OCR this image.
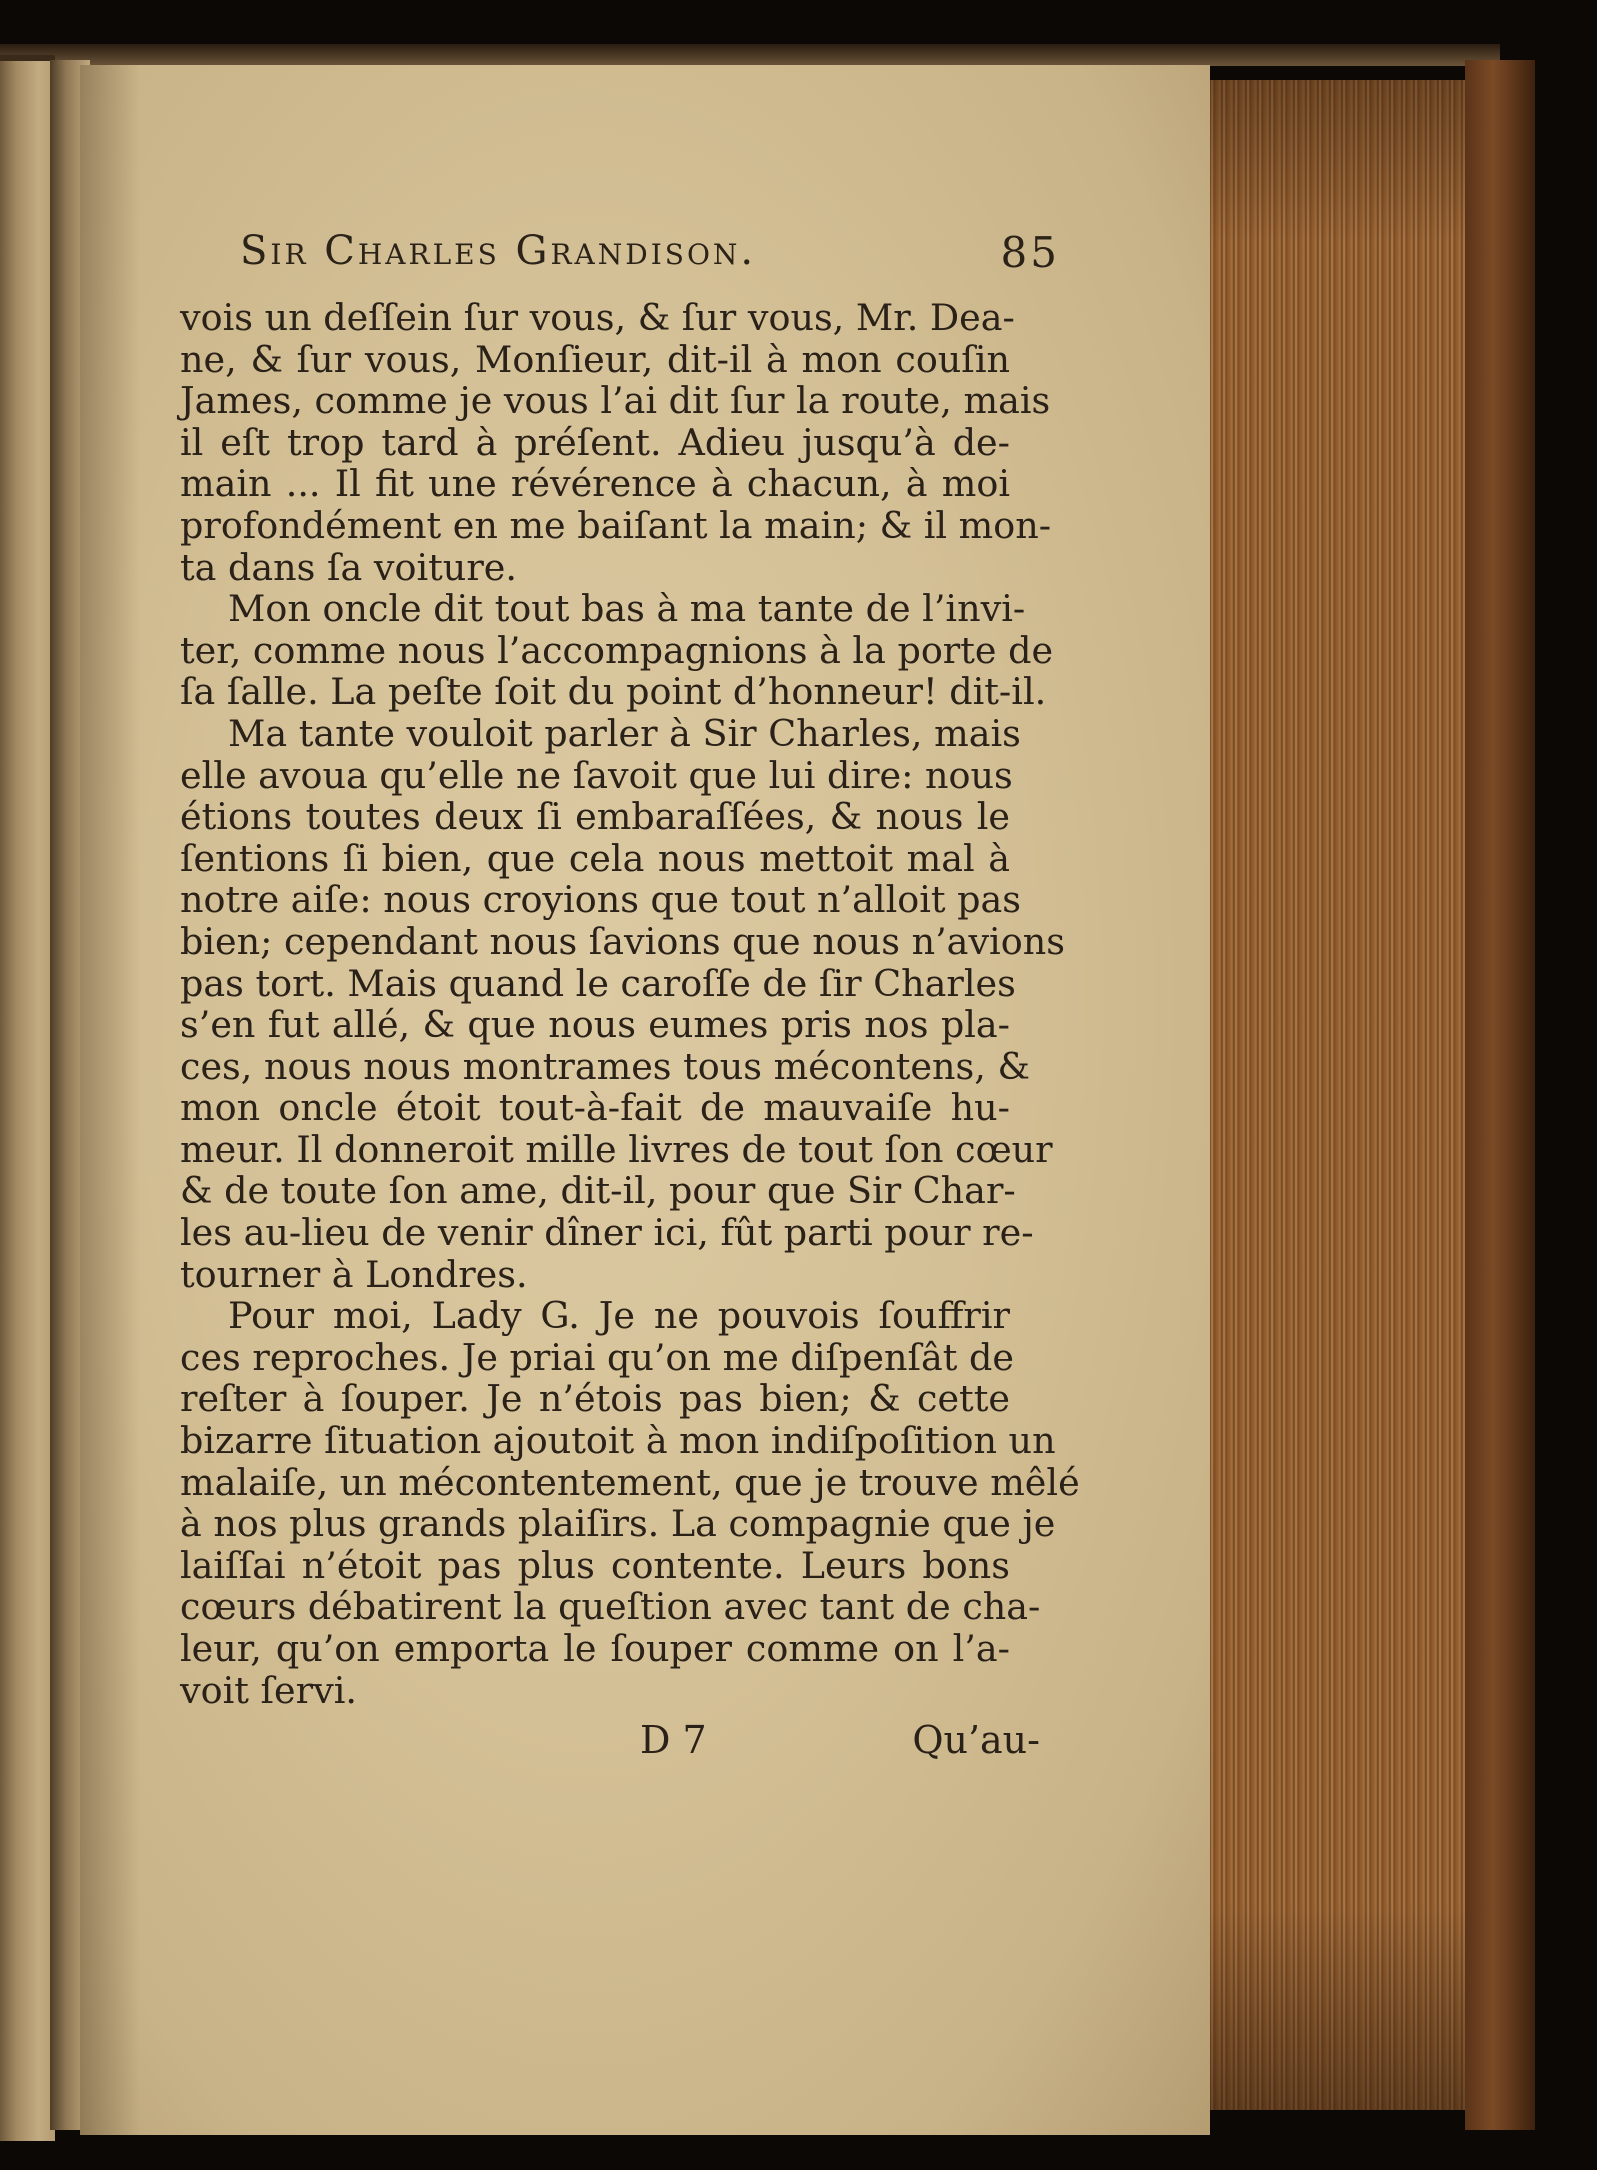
Sir Charles Grandison.	85
vois un deſſein ſur vous, & ſur vous, Mr. Dea-
ne, & ſur vous, Monſieur, dit-il à mon couſin
James, comme je vous l’ai dit ſur la route, mais
il eſt trop tard à préſent. Adieu jusqu’à de-
main ... Il fit une révérence à chacun, à moi
profondément en me baiſant la main; & il mon-
ta dans ſa voiture.
Mon oncle dit tout bas à ma tante de l’invi-
ter, comme nous l’accompagnions à la porte de
ſa ſalle. La peſte ſoit du point d’honneur! dit-il.
Ma tante vouloit parler à Sir Charles, mais
elle avoua qu’elle ne ſavoit que lui dire: nous
étions toutes deux ſi embaraſſées, & nous le
ſentions ſi bien, que cela nous mettoit mal à
notre aiſe: nous croyions que tout n’alloit pas
bien; cependant nous ſavions que nous n’avions
pas tort. Mais quand le caroſſe de ſir Charles
s’en fut allé, & que nous eumes pris nos pla-
ces, nous nous montrames tous mécontens, &
mon oncle étoit tout-à-fait de mauvaiſe hu-
meur. Il donneroit mille livres de tout ſon cœur
& de toute ſon ame, dit-il, pour que Sir Char-
les au-lieu de venir dîner ici, fût parti pour re-
tourner à Londres.
Pour moi, Lady G. Je ne pouvois ſouffrir
ces reproches. Je priai qu’on me diſpenſât de
reſter à ſouper. Je n’étois pas bien; & cette
bizarre ſituation ajoutoit à mon indiſpoſition un
malaiſe, un mécontentement, que je trouve mêlé
à nos plus grands plaiſirs. La compagnie que je
laiſſai n’étoit pas plus contente. Leurs bons
cœurs débatirent la queſtion avec tant de cha-
leur, qu’on emporta le ſouper comme on l’a-
voit ſervi.
D 7	Qu’au-
